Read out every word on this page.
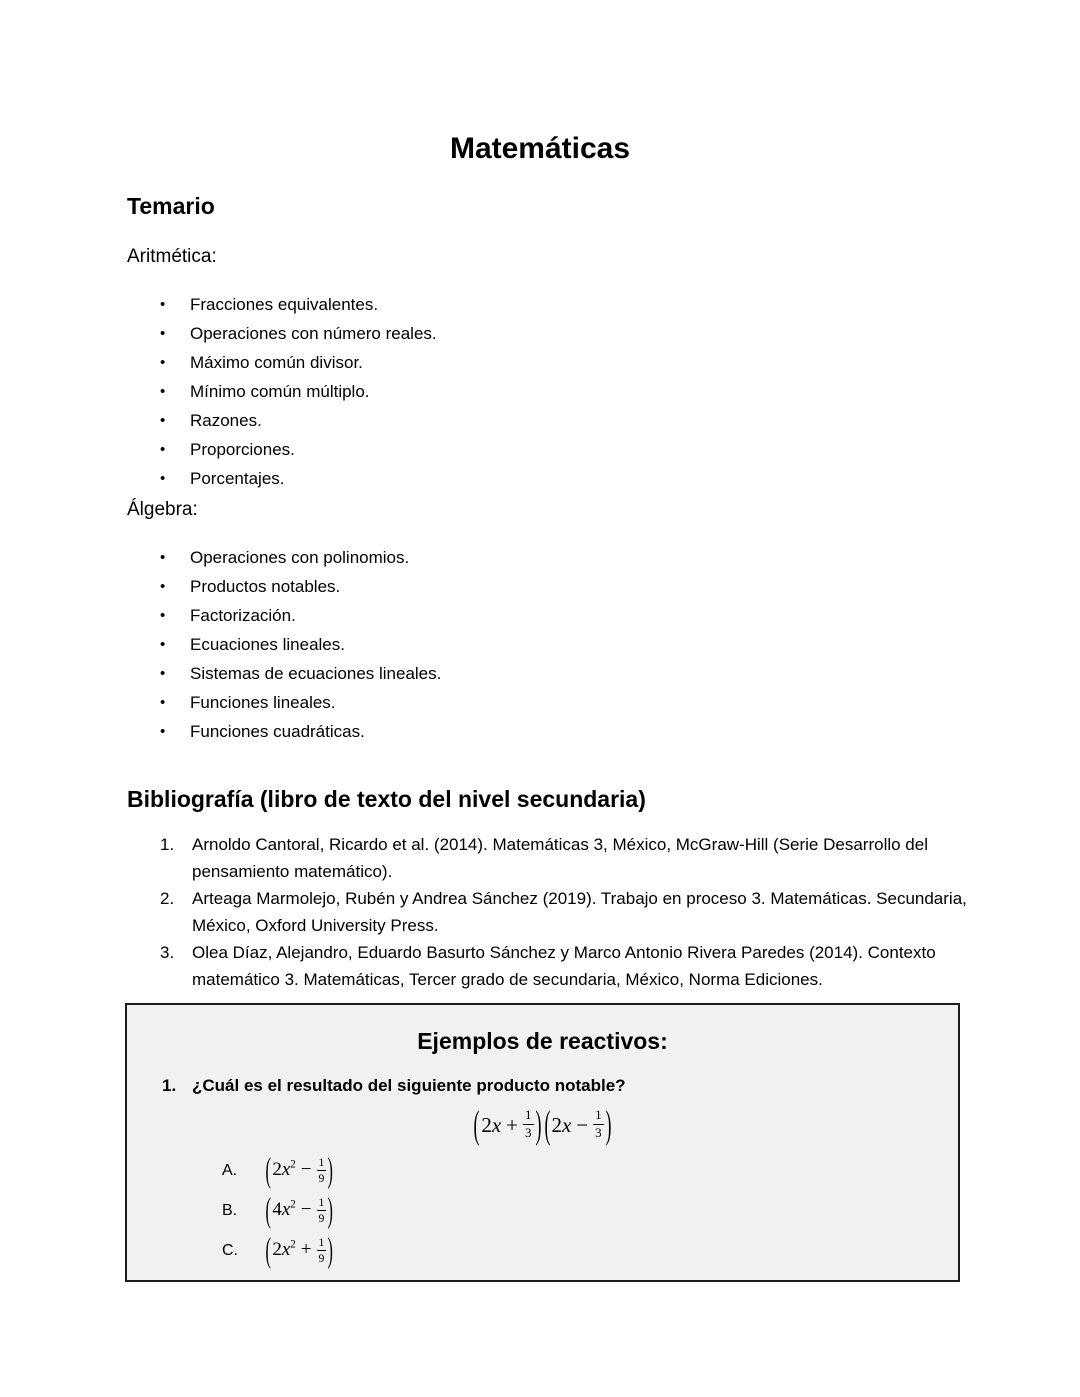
Matemáticas
Temario

Aritmética:

• Fracciones equivalentes.
• Operaciones con número reales.
• Máximo común divisor.
• Mínimo común múltiplo.
• Razones.
• Proporciones.
• Porcentajes.

Álgebra:

• Operaciones con polinomios.
• Productos notables.
• Factorización.
• Ecuaciones lineales.
• Sistemas de ecuaciones lineales.
• Funciones lineales.
• Funciones cuadráticas.
Bibliografía (libro de texto del nivel secundaria)
1. Arnoldo Cantoral, Ricardo et al. (2014). Matemáticas 3, México, McGraw-Hill (Serie Desarrollo del pensamiento matemático).
2. Arteaga Marmolejo, Rubén y Andrea Sánchez (2019). Trabajo en proceso 3. Matemáticas. Secundaria, México, Oxford University Press.
3. Olea Díaz, Alejandro, Eduardo Basurto Sánchez y Marco Antonio Rivera Paredes (2014). Contexto matemático 3. Matemáticas, Tercer grado de secundaria, México, Norma Ediciones.
Ejemplos de reactivos:
1. ¿Cuál es el resultado del siguiente producto notable?
( 2 $x + \frac{1}{3}$ ) ( 2 $x - \frac{1}{3}$ )
A.	($2x^2 - \frac{1}{9}$ )
B.	($4x^2 - \frac{1}{9}$ )
C.	($2x^2 + \frac{1}{9}$ )
